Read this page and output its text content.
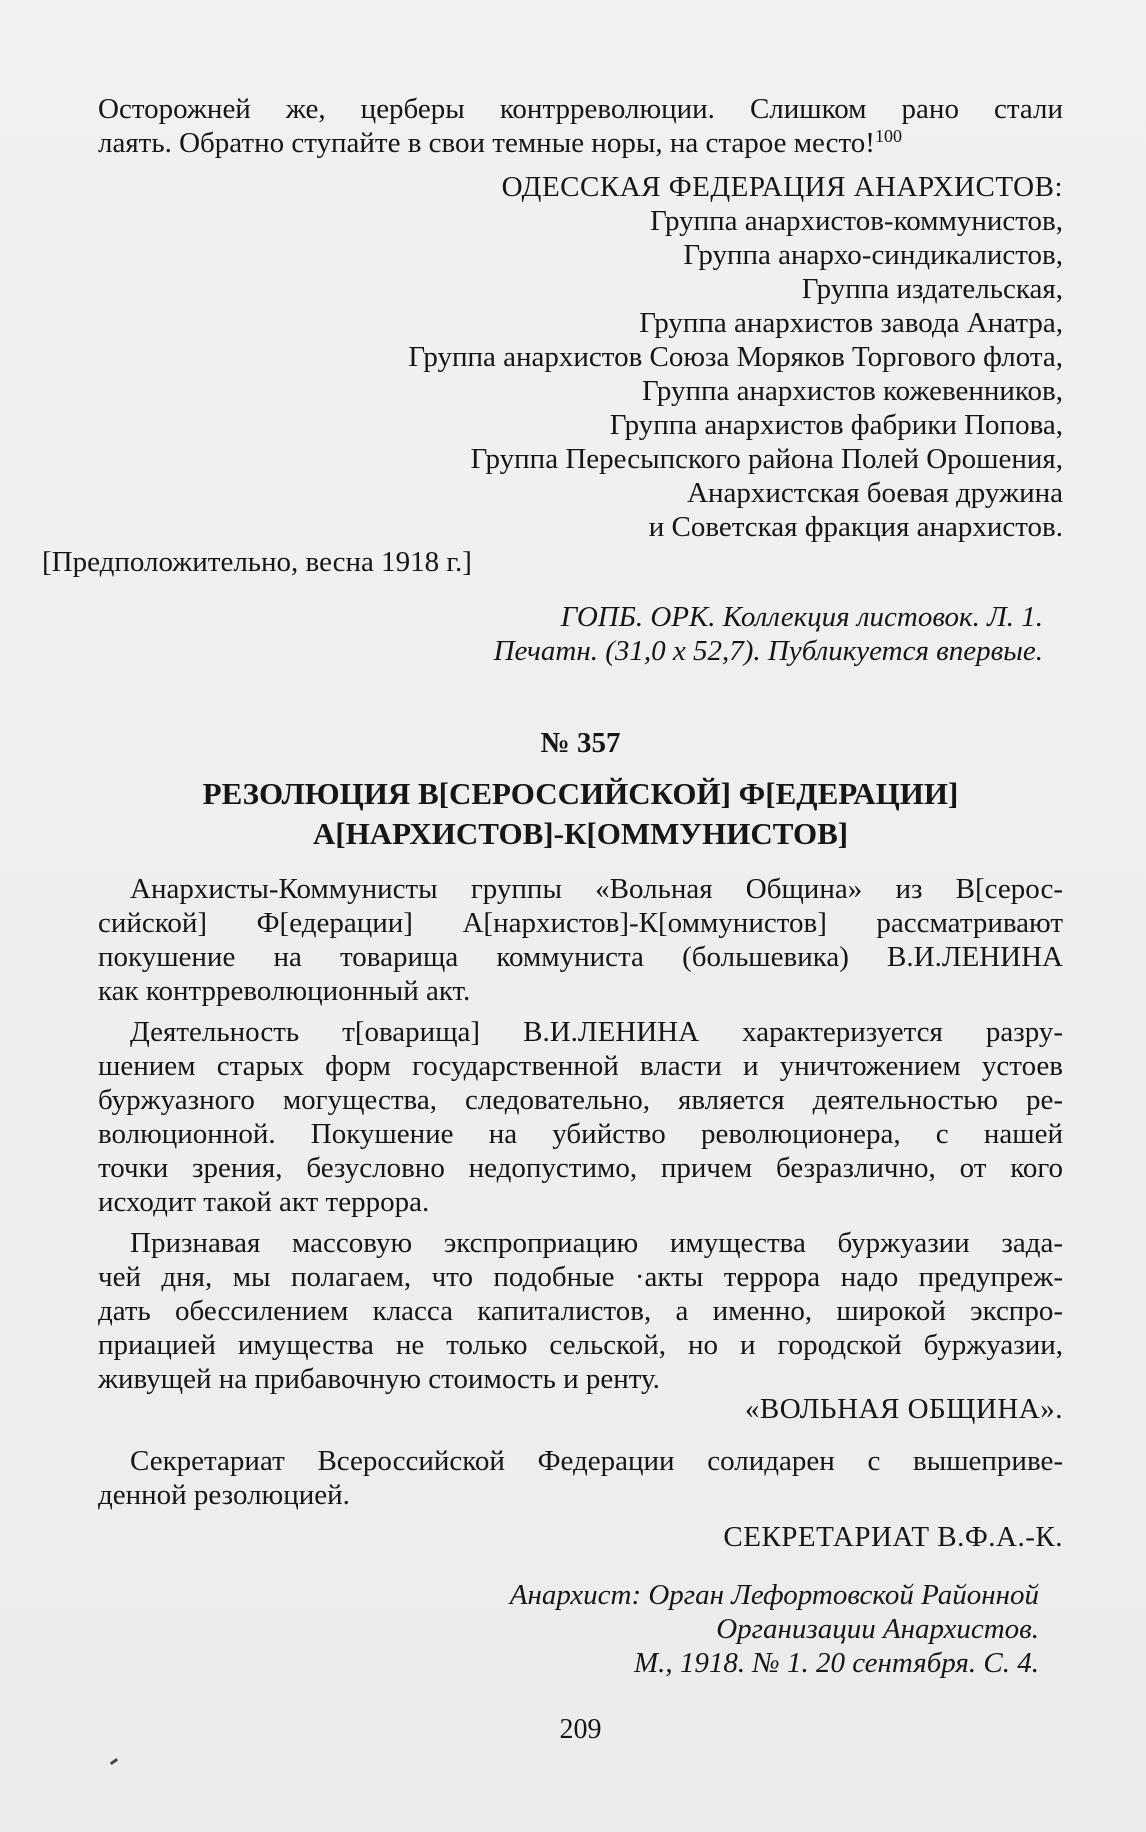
Осторожней же, церберы контрреволюции. Слишком рано стали
лаять. Обратно ступайте в свои темные норы, на старое место!$^{100}$
ОДЕССКАЯ ФЕДЕРАЦИЯ АНАРХИСТОВ:
Группа анархистов-коммунистов,
Группа анархо-синдикалистов,
Группа издательская,
Группа анархистов завода Анатра,
Группа анархистов Союза Моряков Торгового флота,
Группа анархистов кожевенников,
Группа анархистов фабрики Попова,
Группа Пересыпского района Полей Орошения,
Анархистская боевая дружина
и Советская фракция анархистов.
[Предположительно, весна 1918 г.]
ГОПБ. ОРК. Коллекция листовок. Л. 1.
Печатн. (31,0 х 52,7). Публикуется впервые.
№ 357
РЕЗОЛЮЦИЯ В[СЕРОССИЙСКОЙ] Ф[ЕДЕРАЦИИ]
А[НАРХИСТОВ]-К[ОММУНИСТОВ]
Анархисты-Коммунисты группы «Вольная Община» из В[серос-
сийской] Ф[едерации] А[нархистов]-К[оммунистов] рассматривают
покушение на товарища коммуниста (большевика) В.И.ЛЕНИНА
как контрреволюционный акт.
Деятельность т[оварища] В.И.ЛЕНИНА характеризуется разру-
шением старых форм государственной власти и уничтожением устоев
буржуазного могущества, следовательно, является деятельностью ре-
волюционной. Покушение на убийство революционера, с нашей
точки зрения, безусловно недопустимо, причем безразлично, от кого
исходит такой акт террора.
Признавая массовую экспроприацию имущества буржуазии зада-
чей дня, мы полагаем, что подобные ·акты террора надо предупреж-
дать обессилением класса капиталистов, а именно, широкой экспро-
приацией имущества не только сельской, но и городской буржуазии,
живущей на прибавочную стоимость и ренту.
«ВОЛЬНАЯ ОБЩИНА».
Секретариат Всероссийской Федерации солидарен с вышеприве-
денной резолюцией.
СЕКРЕТАРИАТ В.Ф.А.-К.
Анархист: Орган Лефортовской Районной
Организации Анархистов.
М., 1918. № 1. 20 сентября. С. 4.
209
